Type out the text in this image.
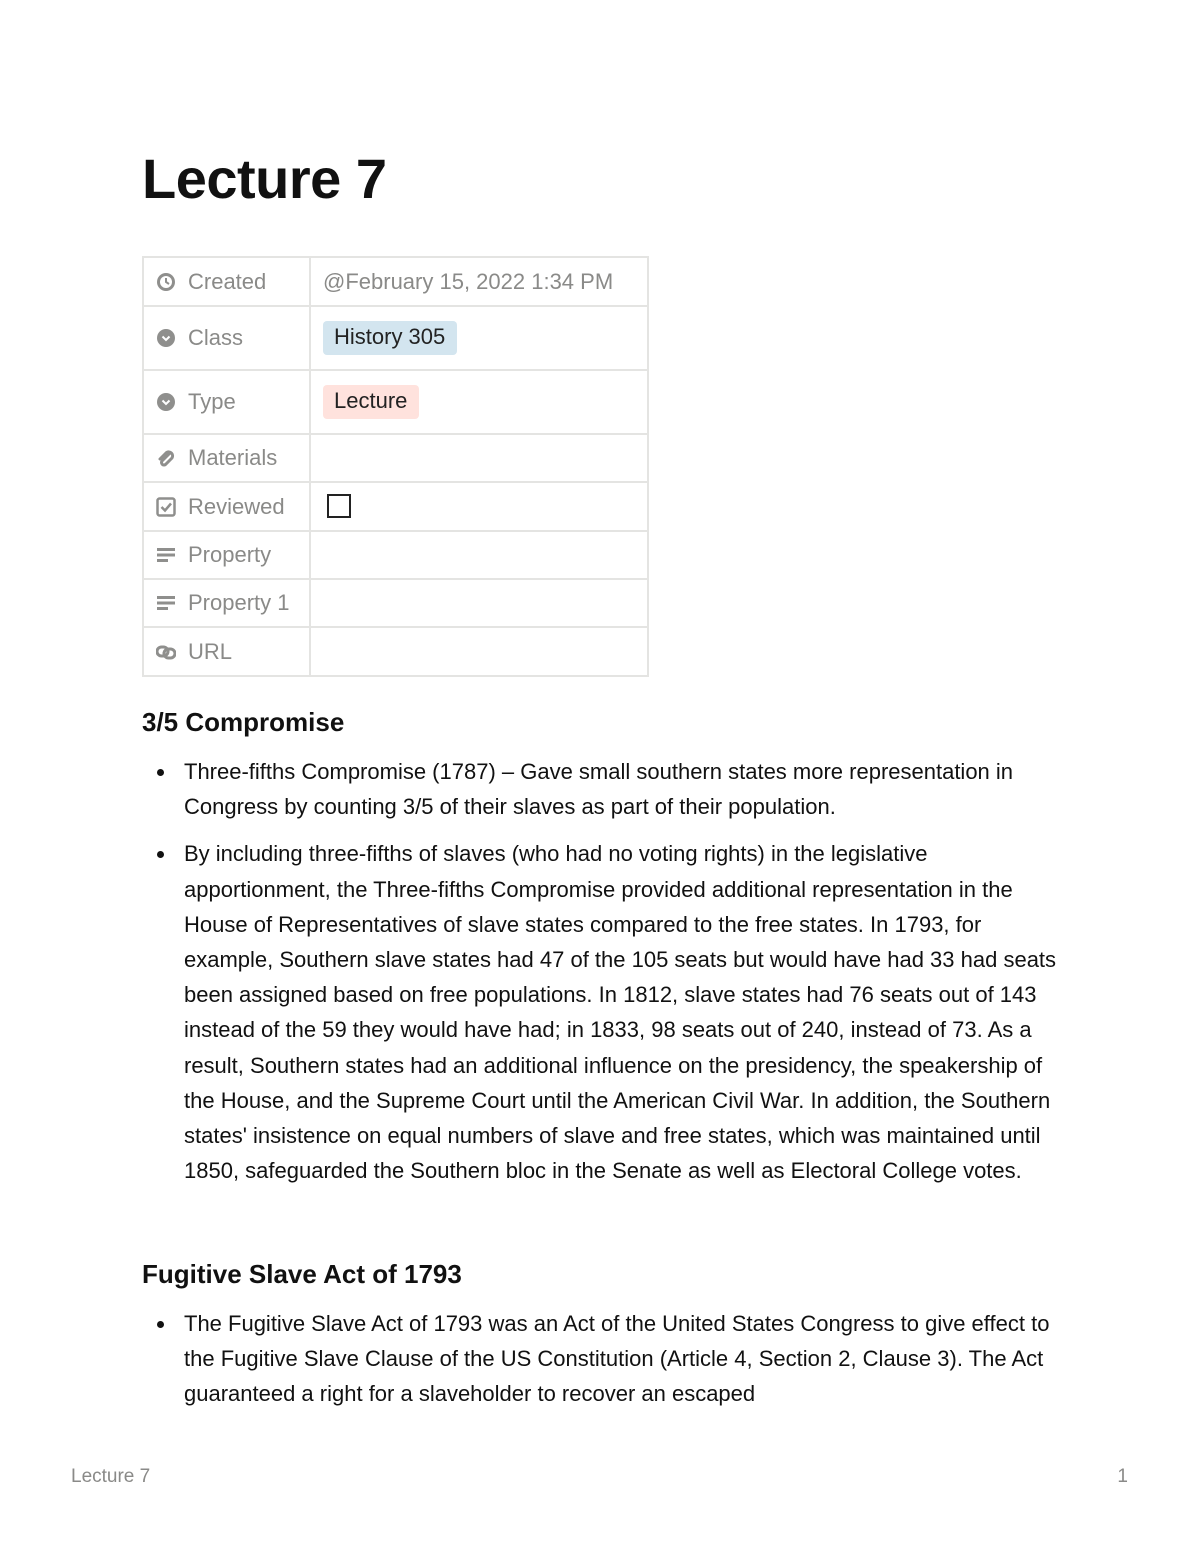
Lecture 7
Created	@February 15, 2022 1:34 PM
Class	History 305
Type	Lecture
Materials	
Reviewed	
Property	
Property 1	
URL	
3/5 Compromise
Three-fifths Compromise (1787) – Gave small southern states more representation in Congress by counting 3/5 of their slaves as part of their population.
By including three-fifths of slaves (who had no voting rights) in the legislative apportionment, the Three-fifths Compromise provided additional representation in the House of Representatives of slave states compared to the free states. In 1793, for example, Southern slave states had 47 of the 105 seats but would have had 33 had seats been assigned based on free populations. In 1812, slave states had 76 seats out of 143 instead of the 59 they would have had; in 1833, 98 seats out of 240, instead of 73. As a result, Southern states had an additional influence on the presidency, the speakership of the House, and the Supreme Court until the American Civil War. In addition, the Southern states' insistence on equal numbers of slave and free states, which was maintained until 1850, safeguarded the Southern bloc in the Senate as well as Electoral College votes.
Fugitive Slave Act of 1793
The Fugitive Slave Act of 1793 was an Act of the United States Congress to give effect to the Fugitive Slave Clause of the US Constitution (Article 4, Section 2, Clause 3). The Act guaranteed a right for a slaveholder to recover an escaped
Lecture 7	1
